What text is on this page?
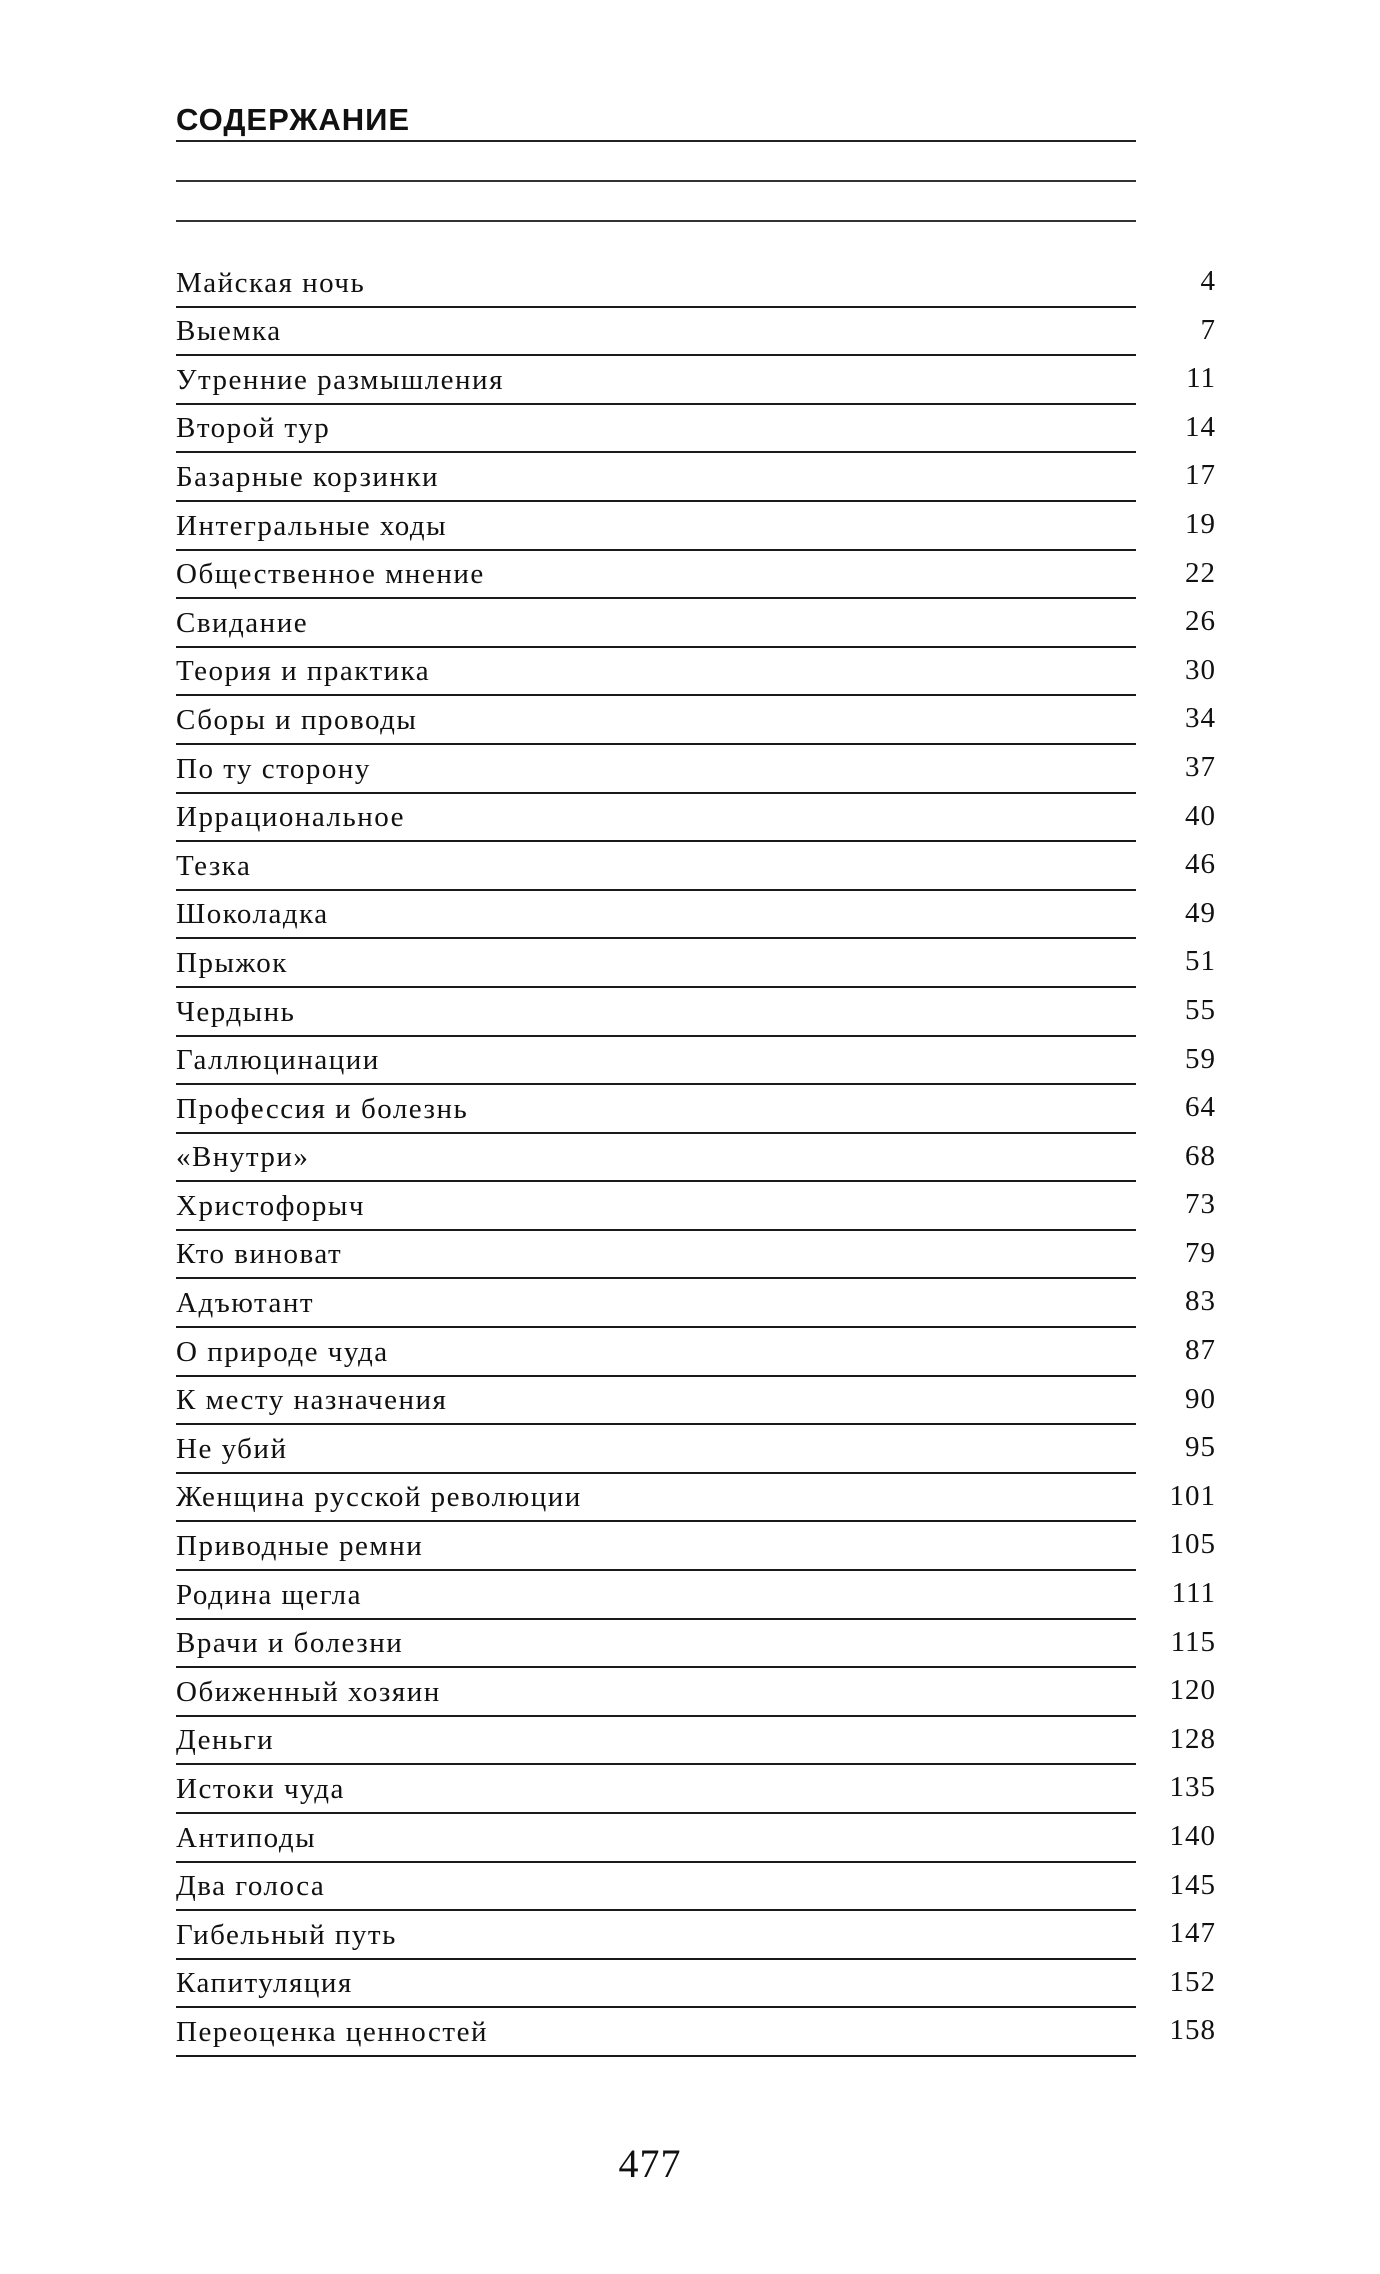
СОДЕРЖАНИЕ
Майская ночь	4
Выемка	7
Утренние размышления	11
Второй тур	14
Базарные корзинки	17
Интегральные ходы	19
Общественное мнение	22
Свидание	26
Теория и практика	30
Сборы и проводы	34
По ту сторону	37
Иррациональное	40
Тезка	46
Шоколадка	49
Прыжок	51
Чердынь	55
Галлюцинации	59
Профессия и болезнь	64
«Внутри»	68
Христофорыч	73
Кто виноват	79
Адъютант	83
О природе чуда	87
К месту назначения	90
Не убий	95
Женщина русской революции	101
Приводные ремни	105
Родина щегла	111
Врачи и болезни	115
Обиженный хозяин	120
Деньги	128
Истоки чуда	135
Антиподы	140
Два голоса	145
Гибельный путь	147
Капитуляция	152
Переоценка ценностей	158
477
